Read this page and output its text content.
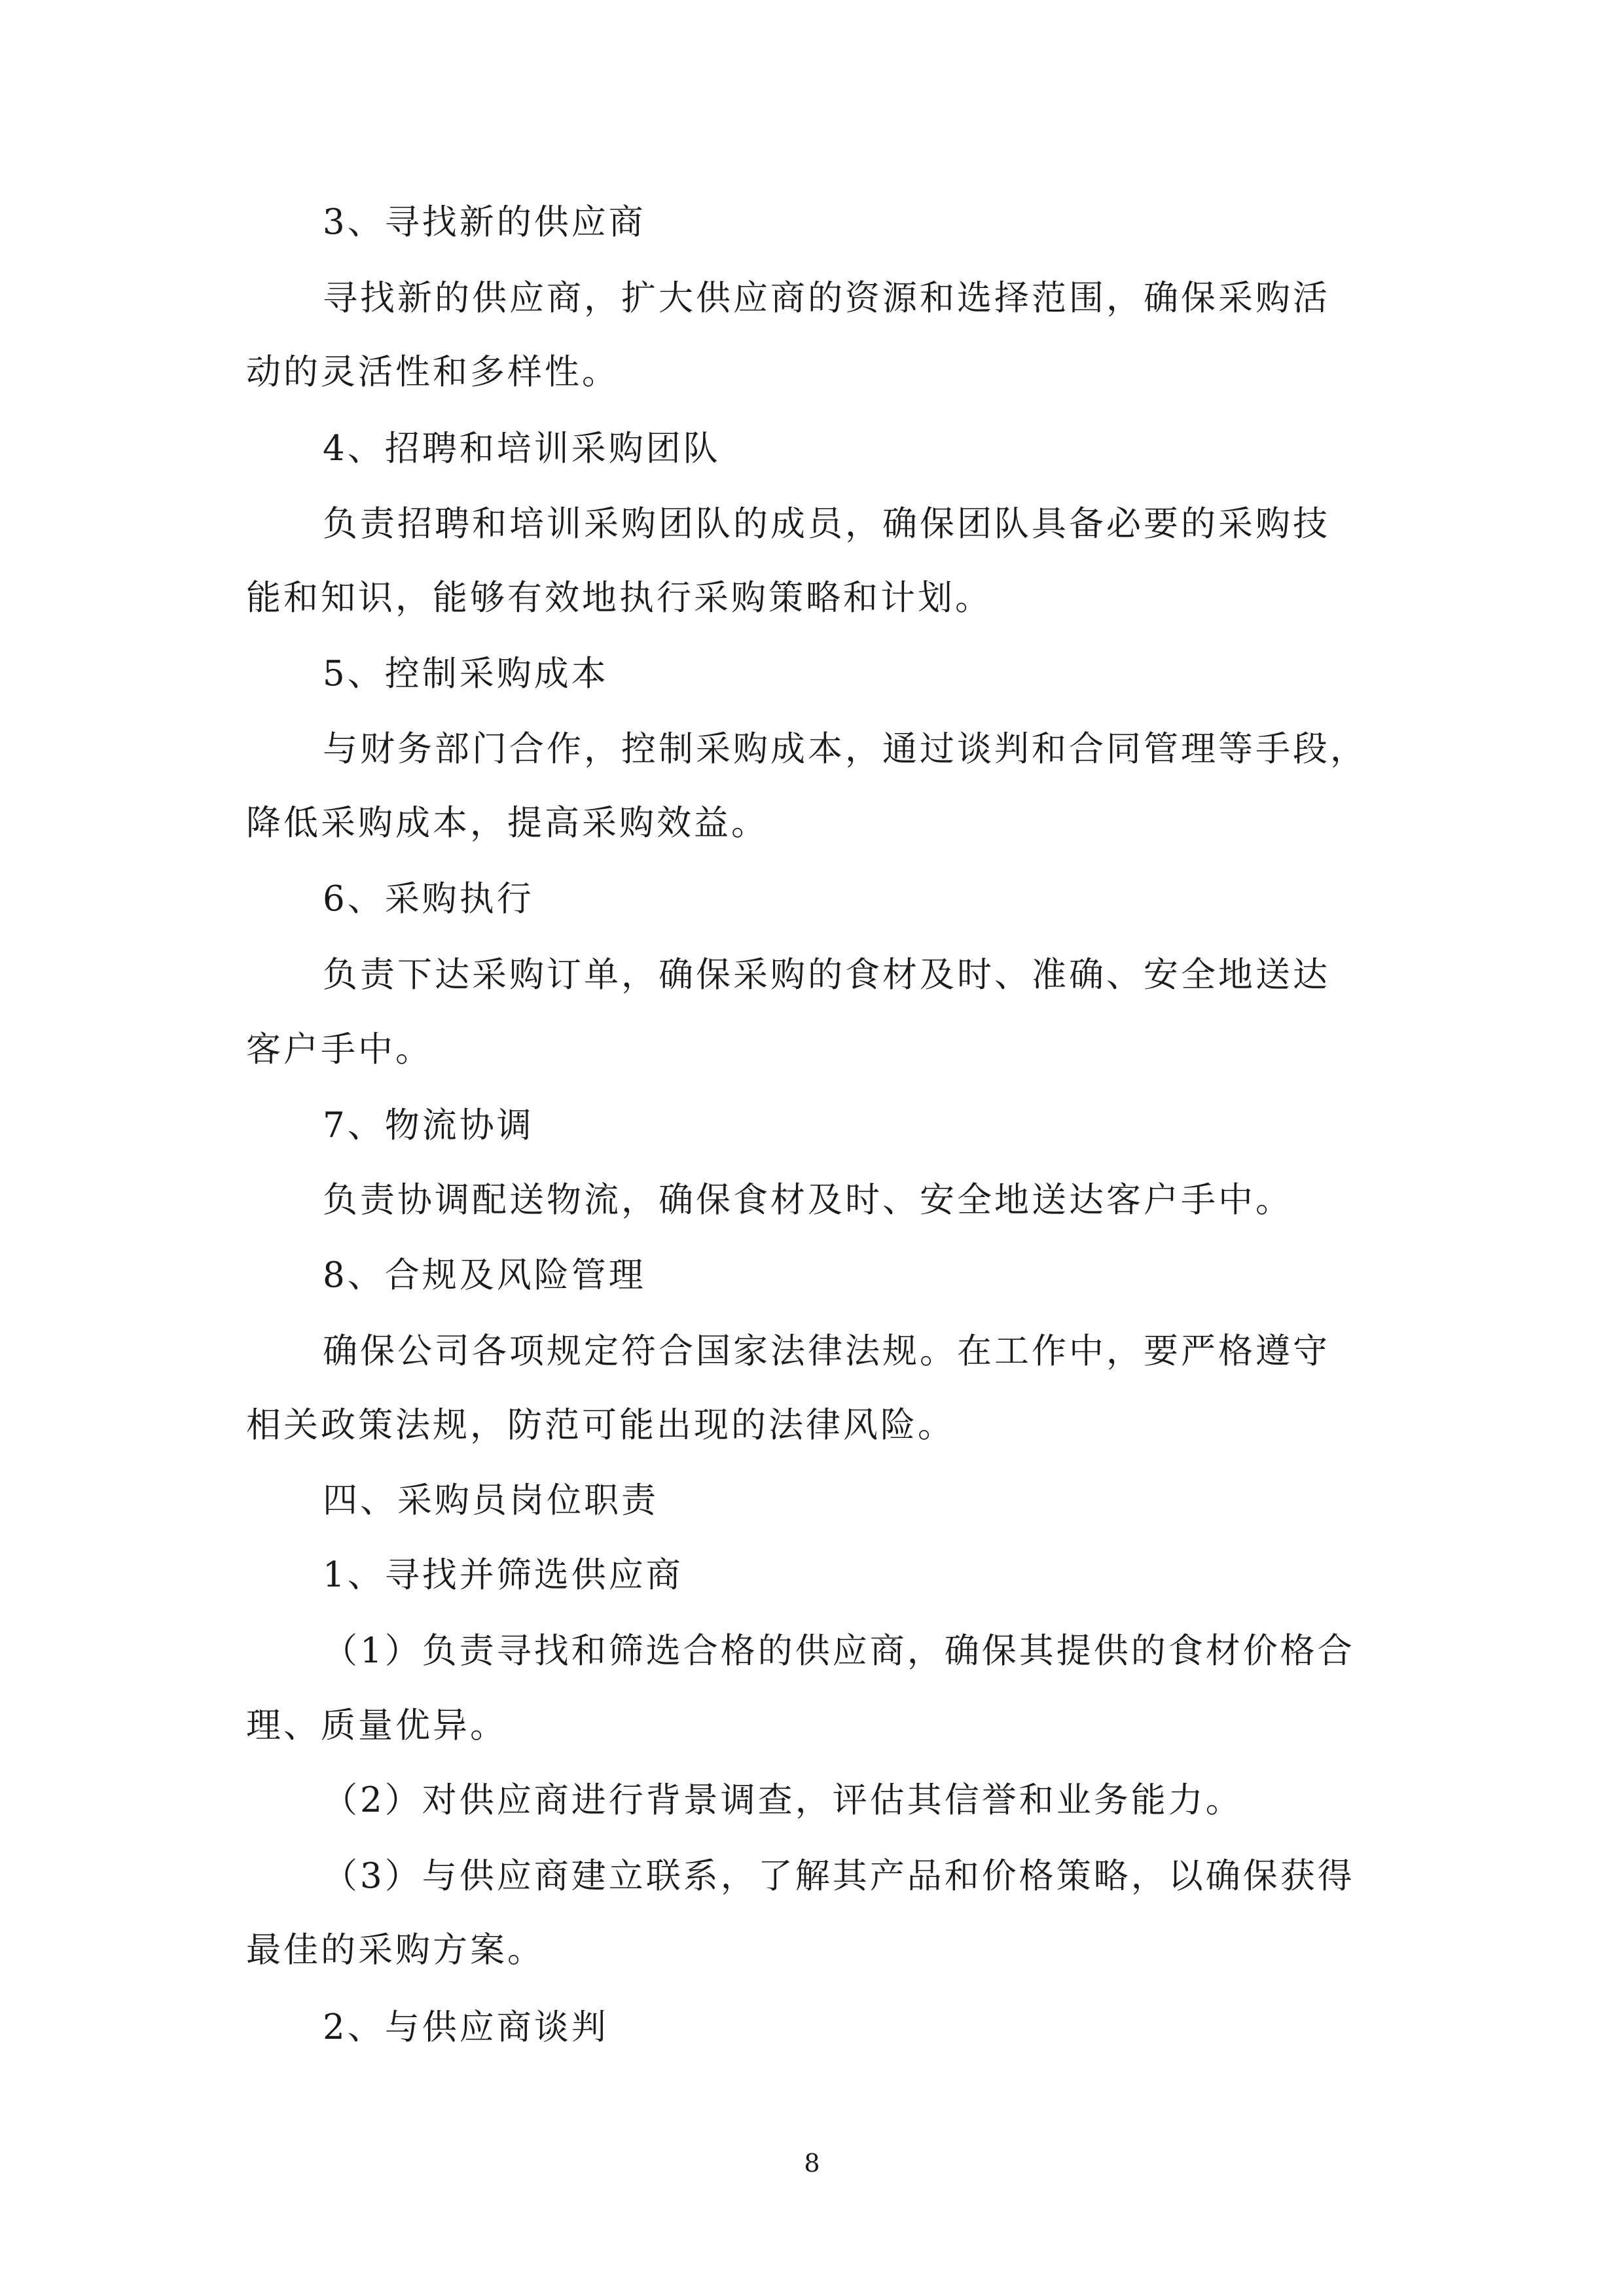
3、寻找新的供应商
寻找新的供应商，扩大供应商的资源和选择范围，确保采购活
动的灵活性和多样性。
4、招聘和培训采购团队
负责招聘和培训采购团队的成员，确保团队具备必要的采购技
能和知识，能够有效地执行采购策略和计划。
5、控制采购成本
与财务部门合作，控制采购成本，通过谈判和合同管理等手段，
降低采购成本，提高采购效益。
6、采购执行
负责下达采购订单，确保采购的食材及时、准确、安全地送达
客户手中。
7、物流协调
负责协调配送物流，确保食材及时、安全地送达客户手中。
8、合规及风险管理
确保公司各项规定符合国家法律法规。在工作中，要严格遵守
相关政策法规，防范可能出现的法律风险。
四、采购员岗位职责
1、寻找并筛选供应商
（1）负责寻找和筛选合格的供应商，确保其提供的食材价格合
理、质量优异。
（2）对供应商进行背景调查，评估其信誉和业务能力。
（3）与供应商建立联系，了解其产品和价格策略，以确保获得
最佳的采购方案。
2、与供应商谈判
8
